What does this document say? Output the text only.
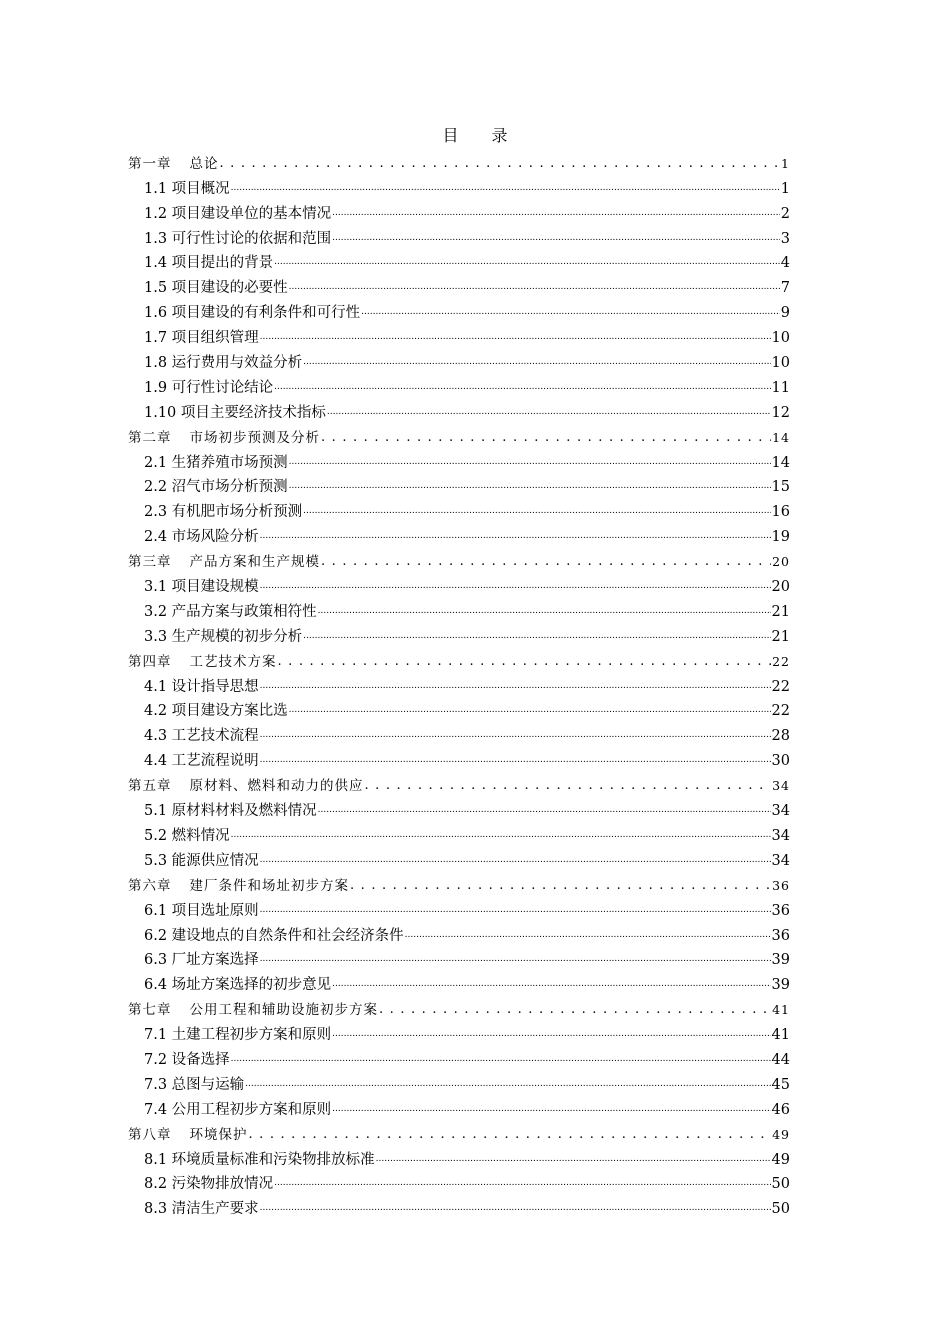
目 录
第一章 总论 . . .	1
1.1 项目概况 .....	1
1.2 项目建设单位的基本情况 .....	2
1.3 可行性讨论的依据和范围 .....	3
1.4 项目提出的背景 .....	4
1.5 项目建设的必要性 .....	7
1.6 项目建设的有利条件和可行性 .....	9
1.7 项目组织管理 .....	10
1.8 运行费用与效益分析 .....	10
1.9 可行性讨论结论 .....	11
1.10 项目主要经济技术指标 .....	12
第二章 市场初步预测及分析 . . .	14
2.1 生猪养殖市场预测 .....	14
2.2 沼气市场分析预测 .....	15
2.3 有机肥市场分析预测 .....	16
2.4 市场风险分析 .....	19
第三章 产品方案和生产规模 . . .	20
3.1 项目建设规模 .....	20
3.2 产品方案与政策相符性 .....	21
3.3 生产规模的初步分析 .....	21
第四章 工艺技术方案 . . .	22
4.1 设计指导思想 .....	22
4.2 项目建设方案比选 .....	22
4.3 工艺技术流程 .....	28
4.4 工艺流程说明 .....	30
第五章 原材料、燃料和动力的供应 . . .	34
5.1 原材料材料及燃料情况 .....	34
5.2 燃料情况 .....	34
5.3 能源供应情况 .....	34
第六章 建厂条件和场址初步方案 . . .	36
6.1 项目选址原则 .....	36
6.2 建设地点的自然条件和社会经济条件 .....	36
6.3 厂址方案选择 .....	39
6.4 场址方案选择的初步意见 .....	39
第七章 公用工程和辅助设施初步方案 . . .	41
7.1 土建工程初步方案和原则 .....	41
7.2 设备选择 .....	44
7.3 总图与运输 .....	45
7.4 公用工程初步方案和原则 .....	46
第八章 环境保护 . . .	49
8.1 环境质量标准和污染物排放标准 .....	49
8.2 污染物排放情况 .....	50
8.3 清洁生产要求 .....	50
